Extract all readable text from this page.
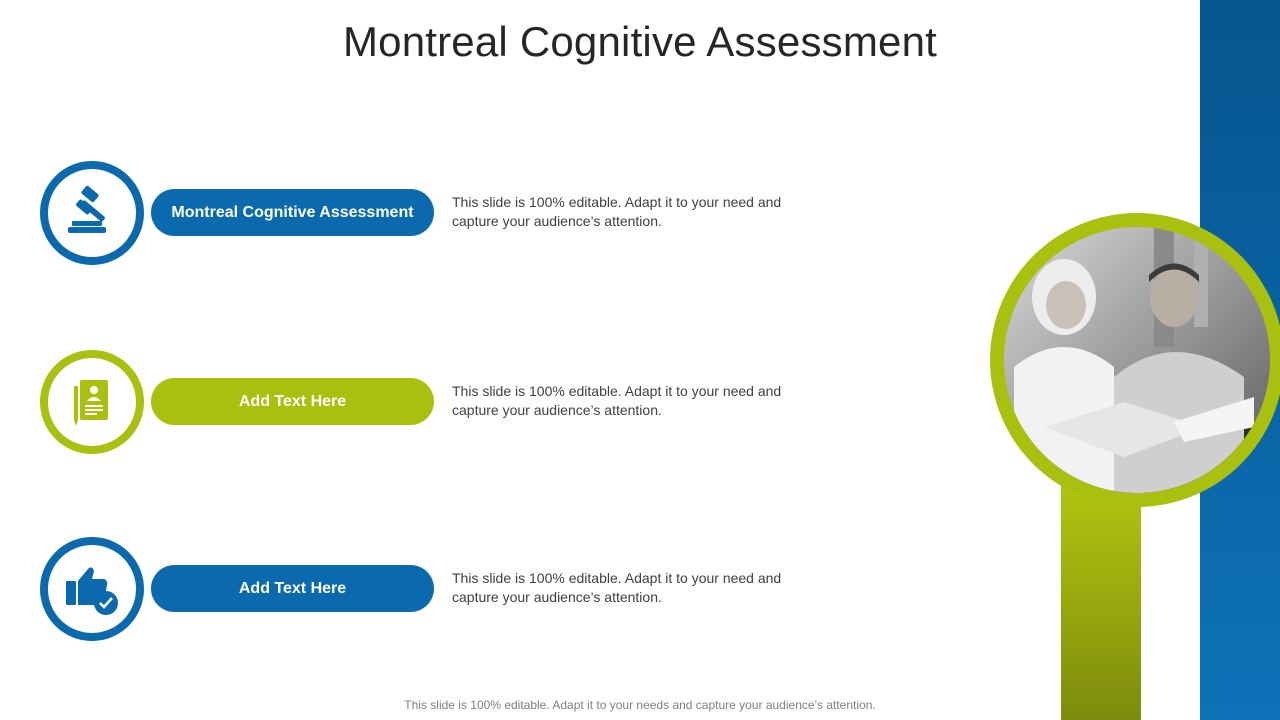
Montreal Cognitive Assessment
Montreal Cognitive Assessment
This slide is 100% editable. Adapt it to your need and capture your audience’s attention.
Add Text Here
This slide is 100% editable. Adapt it to your need and capture your audience’s attention.
Add Text Here
This slide is 100% editable. Adapt it to your need and capture your audience’s attention.
This slide is 100% editable. Adapt it to your needs and capture your audience’s attention.
